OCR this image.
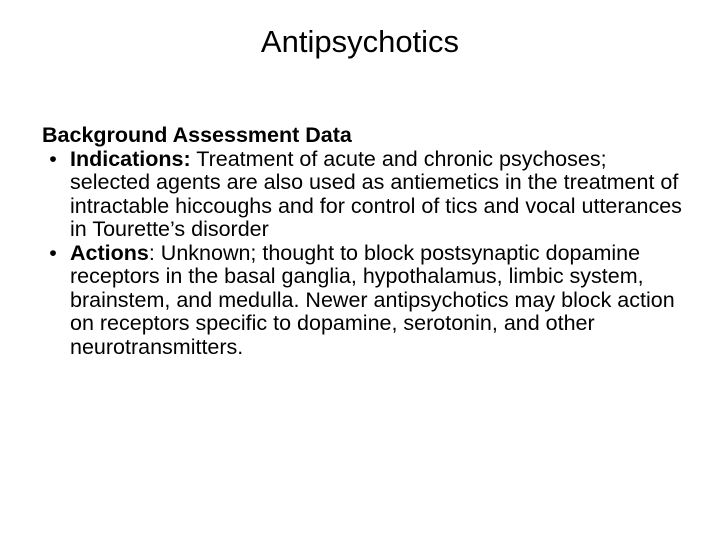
Antipsychotics
Background Assessment Data
• Indications: Treatment of acute and chronic psychoses; selected agents are also used as antiemetics in the treatment of intractable hiccoughs and for control of tics and vocal utterances in Tourette’s disorder
• Actions: Unknown; thought to block postsynaptic dopamine receptors in the basal ganglia, hypothalamus, limbic system, brainstem, and medulla. Newer antipsychotics may block action on receptors specific to dopamine, serotonin, and other neurotransmitters.
